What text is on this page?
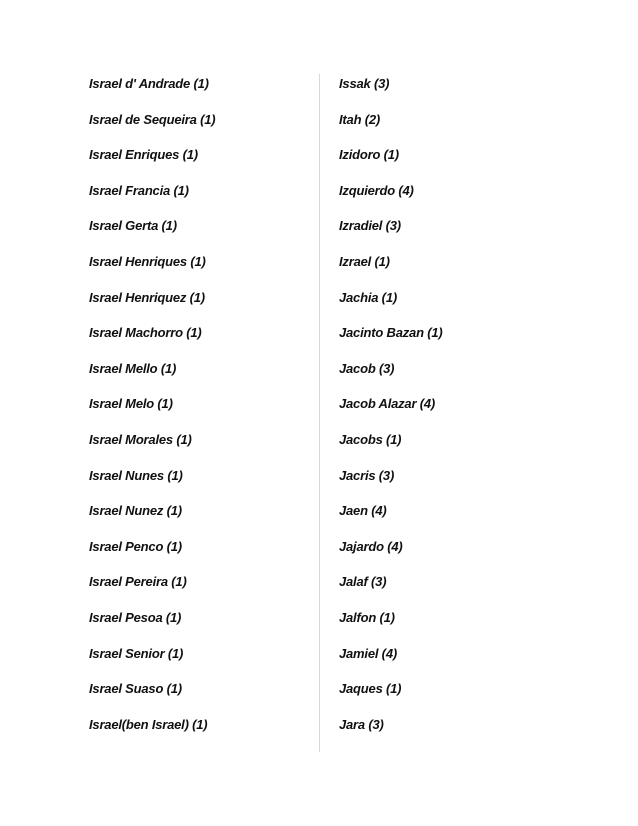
Israel d' Andrade (1)
Israel de Sequeira (1)
Israel Enriques (1)
Israel Francia (1)
Israel Gerta (1)
Israel Henriques (1)
Israel Henriquez (1)
Israel Machorro (1)
Israel Mello (1)
Israel Melo (1)
Israel Morales (1)
Israel Nunes (1)
Israel Nunez (1)
Israel Penco (1)
Israel Pereira (1)
Israel Pesoa (1)
Israel Senior (1)
Israel Suaso (1)
Israel(ben Israel) (1)
Issak (3)
Itah (2)
Izidoro (1)
Izquierdo (4)
Izradiel (3)
Izrael (1)
Jachia (1)
Jacinto Bazan (1)
Jacob (3)
Jacob Alazar (4)
Jacobs (1)
Jacris (3)
Jaen (4)
Jajardo (4)
Jalaf (3)
Jalfon (1)
Jamiel (4)
Jaques (1)
Jara (3)
